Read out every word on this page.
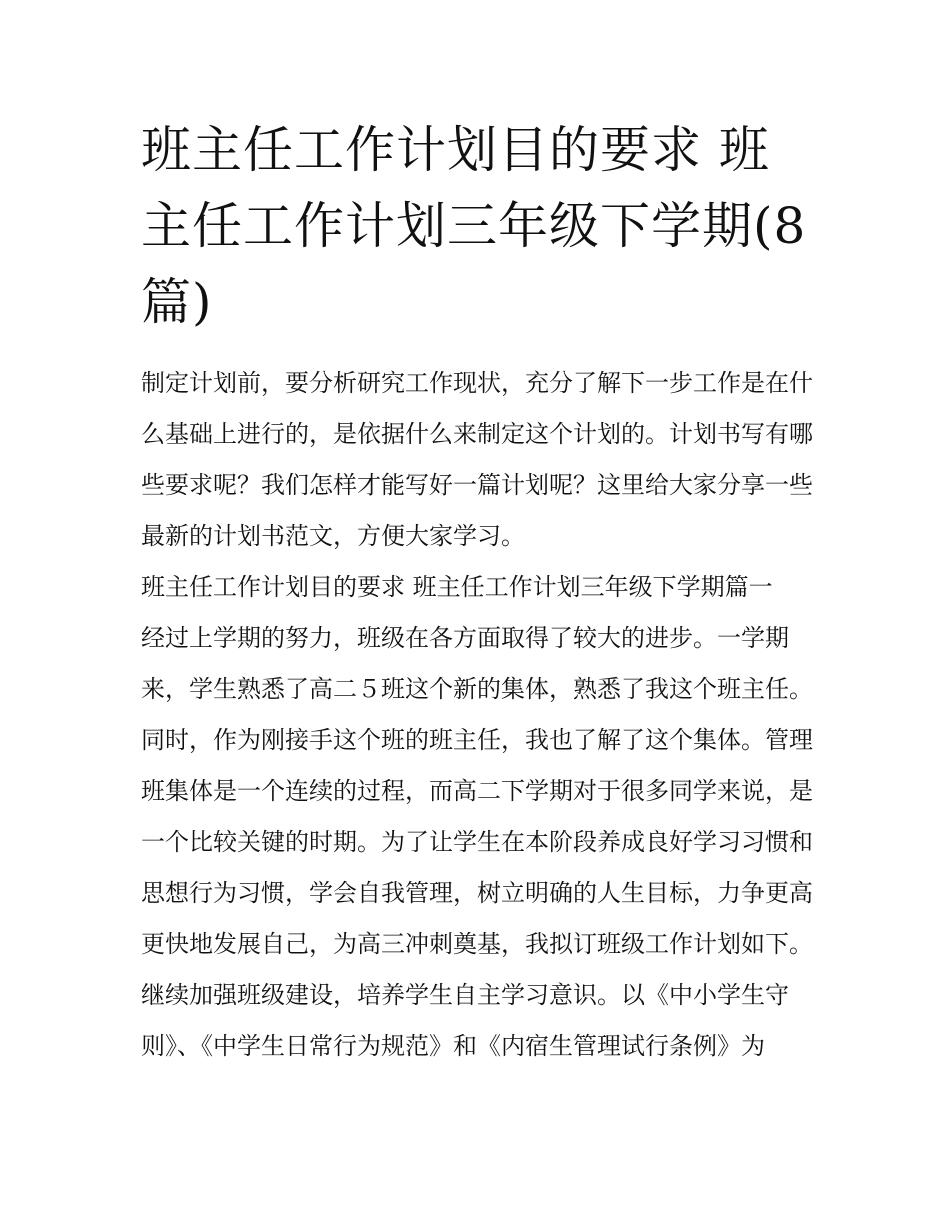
班主任工作计划目的要求 班主任工作计划三年级下学期(8篇)

制定计划前，要分析研究工作现状，充分了解下一步工作是在什么基础上进行的，是依据什么来制定这个计划的。计划书写有哪些要求呢？我们怎样才能写好一篇计划呢？这里给大家分享一些最新的计划书范文，方便大家学习。

班主任工作计划目的要求 班主任工作计划三年级下学期篇一

经过上学期的努力，班级在各方面取得了较大的进步。一学期来，学生熟悉了高二５班这个新的集体，熟悉了我这个班主任。同时，作为刚接手这个班的班主任，我也了解了这个集体。管理班集体是一个连续的过程，而高二下学期对于很多同学来说，是一个比较关键的时期。为了让学生在本阶段养成良好学习习惯和思想行为习惯，学会自我管理，树立明确的人生目标，力争更高更快地发展自己，为高三冲刺奠基，我拟订班级工作计划如下。

继续加强班级建设，培养学生自主学习意识。以《中小学生守则》、《中学生日常行为规范》和《内宿生管理试行条例》为
